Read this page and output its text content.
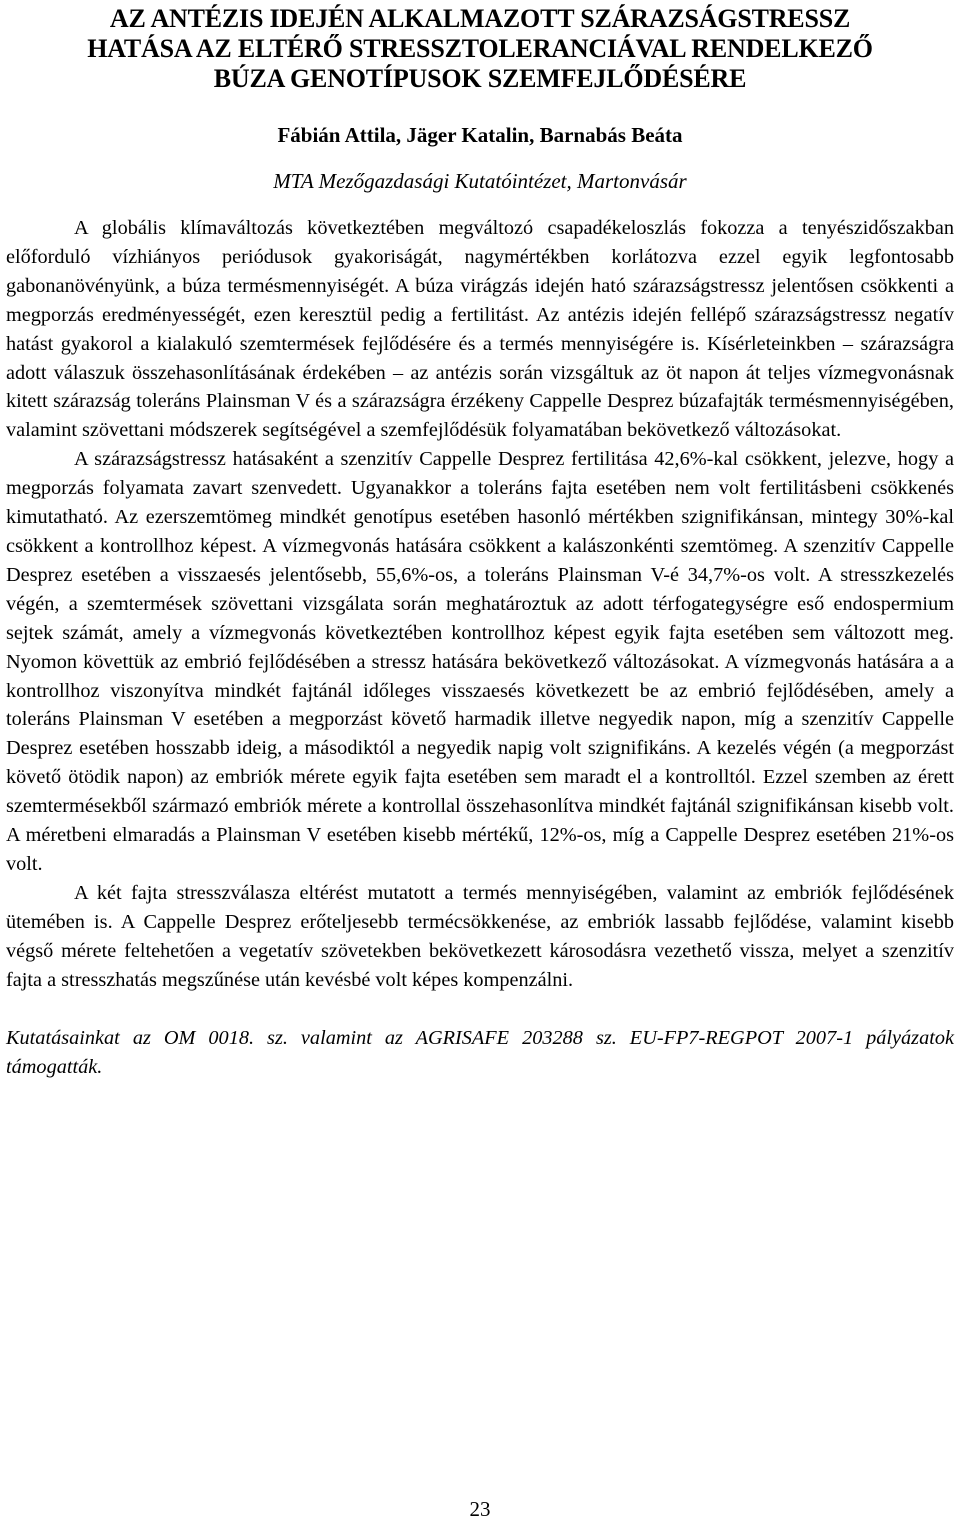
AZ ANTÉZIS IDEJÉN ALKALMAZOTT SZÁRAZSÁGSTRESSZ
HATÁSA AZ ELTÉRŐ STRESSZTOLERANCIÁVAL RENDELKEZŐ
BÚZA GENOTÍPUSOK SZEMFEJLŐDÉSÉRE
Fábián Attila, Jäger Katalin, Barnabás Beáta
MTA Mezőgazdasági Kutatóintézet, Martonvásár

A globális klímaváltozás következtében megváltozó csapadékeloszlás fokozza a tenyészidőszakban előforduló vízhiányos periódusok gyakoriságát, nagymértékben korlátozva ezzel egyik legfontosabb gabonanövényünk, a búza termésmennyiségét. A búza virágzás idején ható szárazságstressz jelentősen csökkenti a megporzás eredményességét, ezen keresztül pedig a fertilitást. Az antézis idején fellépő szárazságstressz negatív hatást gyakorol a kialakuló szemtermések fejlődésére és a termés mennyiségére is. Kísérleteinkben – szárazságra adott válaszuk összehasonlításának érdekében – az antézis során vizsgáltuk az öt napon át teljes vízmegvonásnak kitett szárazság toleráns Plainsman V és a szárazságra érzékeny Cappelle Desprez búzafajták termésmennyiségében, valamint szövettani módszerek segítségével a szemfejlődésük folyamatában bekövetkező változásokat.

A szárazságstressz hatásaként a szenzitív Cappelle Desprez fertilitása 42,6%-kal csökkent, jelezve, hogy a megporzás folyamata zavart szenvedett. Ugyanakkor a toleráns fajta esetében nem volt fertilitásbeni csökkenés kimutatható. Az ezerszemtömeg mindkét genotípus esetében hasonló mértékben szignifikánsan, mintegy 30%-kal csökkent a kontrollhoz képest. A vízmegvonás hatására csökkent a kalászonkénti szemtömeg. A szenzitív Cappelle Desprez esetében a visszaesés jelentősebb, 55,6%-os, a toleráns Plainsman V-é 34,7%-os volt. A stresszkezelés végén, a szemtermések szövettani vizsgálata során meghatároztuk az adott térfogategységre eső endospermium sejtek számát, amely a vízmegvonás következtében kontrollhoz képest egyik fajta esetében sem változott meg. Nyomon követtük az embrió fejlődésében a stressz hatására bekövetkező változásokat. A vízmegvonás hatására a a kontrollhoz viszonyítva mindkét fajtánál időleges visszaesés következett be az embrió fejlődésében, amely a toleráns Plainsman V esetében a megporzást követő harmadik illetve negyedik napon, míg a szenzitív Cappelle Desprez esetében hosszabb ideig, a másodiktól a negyedik napig volt szignifikáns. A kezelés végén (a megporzást követő ötödik napon) az embriók mérete egyik fajta esetében sem maradt el a kontrolltól. Ezzel szemben az érett szemtermésekből származó embriók mérete a kontrollal összehasonlítva mindkét fajtánál szignifikánsan kisebb volt. A méretbeni elmaradás a Plainsman V esetében kisebb mértékű, 12%-os, míg a Cappelle Desprez esetében 21%-os volt.

A két fajta stresszválasza eltérést mutatott a termés mennyiségében, valamint az embriók fejlődésének ütemében is. A Cappelle Desprez erőteljesebb termécsökkenése, az embriók lassabb fejlődése, valamint kisebb végső mérete feltehetően a vegetatív szövetekben bekövetkezett károsodásra vezethető vissza, melyet a szenzitív fajta a stresszhatás megszűnése után kevésbé volt képes kompenzálni.

Kutatásainkat az OM 0018. sz. valamint az AGRISAFE 203288 sz. EU-FP7-REGPOT 2007-1 pályázatok támogatták.
23
